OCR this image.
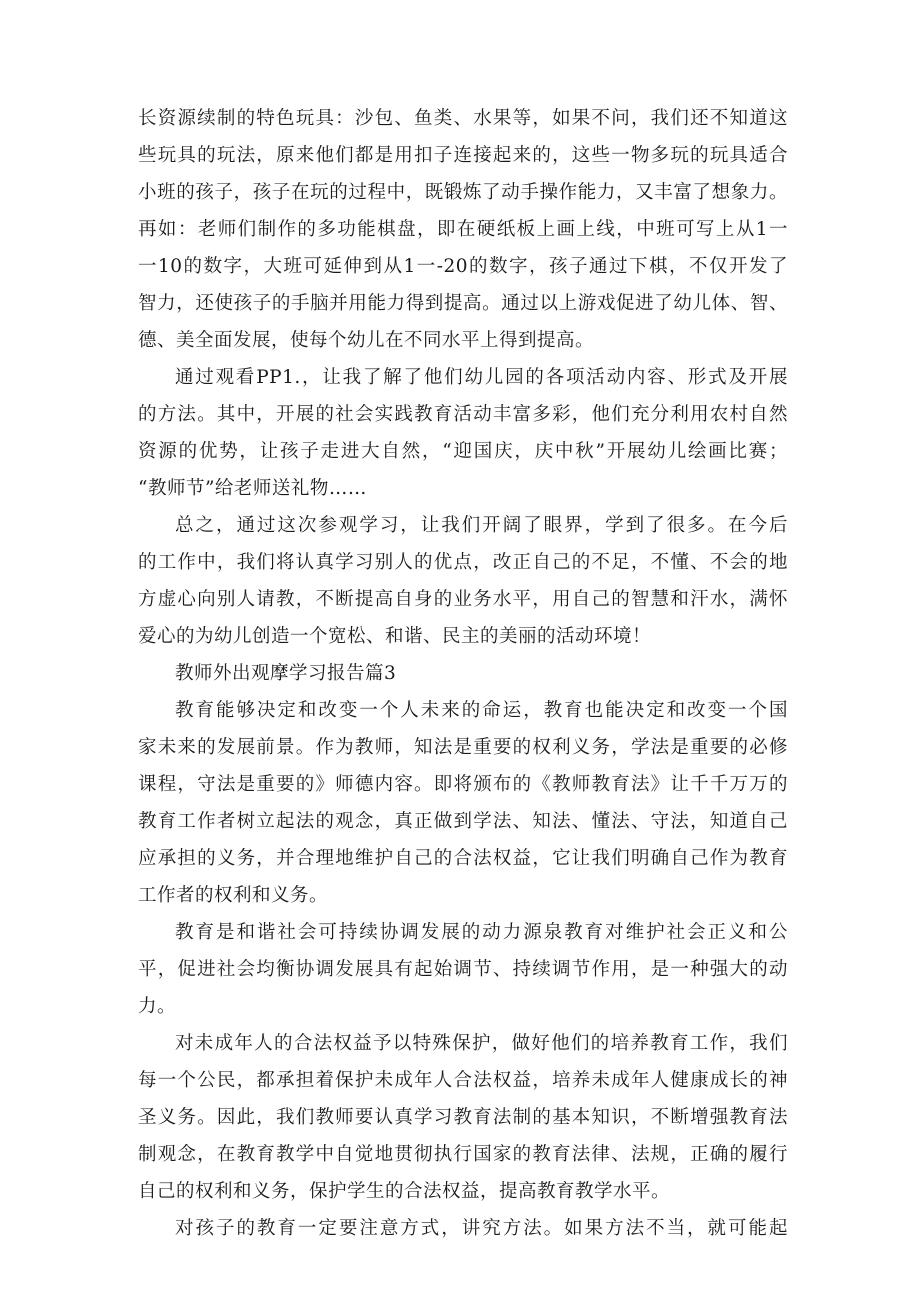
长资源续制的特色玩具：沙包、鱼类、水果等，如果不问，我们还不知道这
些玩具的玩法，原来他们都是用扣子连接起来的，这些一物多玩的玩具适合
小班的孩子，孩子在玩的过程中，既锻炼了动手操作能力，又丰富了想象力。
再如：老师们制作的多功能棋盘，即在硬纸板上画上线，中班可写上从1一
一10的数字，大班可延伸到从1一-20的数字，孩子通过下棋，不仅开发了
智力，还使孩子的手脑并用能力得到提高。通过以上游戏促进了幼儿体、智、
德、美全面发展，使每个幼儿在不同水平上得到提高。
通过观看PP1.，让我了解了他们幼儿园的各项活动内容、形式及开展
的方法。其中，开展的社会实践教育活动丰富多彩，他们充分利用农村自然
资源的优势，让孩子走进大自然，“迎国庆，庆中秋”开展幼儿绘画比赛；
“教师节”给老师送礼物……
总之，通过这次参观学习，让我们开阔了眼界，学到了很多。在今后
的工作中，我们将认真学习别人的优点，改正自己的不足，不懂、不会的地
方虚心向别人请教，不断提高自身的业务水平，用自己的智慧和汗水，满怀
爱心的为幼儿创造一个宽松、和谐、民主的美丽的活动环境！
教师外出观摩学习报告篇3
教育能够决定和改变一个人未来的命运，教育也能决定和改变一个国
家未来的发展前景。作为教师，知法是重要的权利义务，学法是重要的必修
课程，守法是重要的》师德内容。即将颁布的《教师教育法》让千千万万的
教育工作者树立起法的观念，真正做到学法、知法、懂法、守法，知道自己
应承担的义务，并合理地维护自己的合法权益，它让我们明确自己作为教育
工作者的权利和义务。
教育是和谐社会可持续协调发展的动力源泉教育对维护社会正义和公
平，促进社会均衡协调发展具有起始调节、持续调节作用，是一种强大的动
力。
对未成年人的合法权益予以特殊保护，做好他们的培养教育工作，我们
每一个公民，都承担着保护未成年人合法权益，培养未成年人健康成长的神
圣义务。因此，我们教师要认真学习教育法制的基本知识，不断增强教育法
制观念，在教育教学中自觉地贯彻执行国家的教育法律、法规，正确的履行
自己的权利和义务，保护学生的合法权益，提高教育教学水平。
对孩子的教育一定要注意方式，讲究方法。如果方法不当，就可能起
